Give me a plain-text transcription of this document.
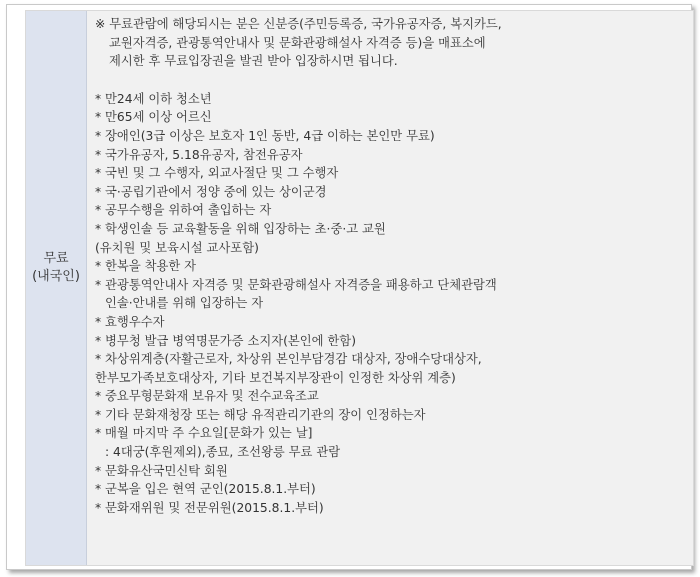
무료
(내국인)

※ 무료관람에 해당되시는 분은 신분증(주민등록증, 국가유공자증, 복지카드,

교원자격증, 관광통역안내사 및 문화관광해설사 자격증 등)을 매표소에

제시한 후 무료입장권을 발권 받아 입장하시면 됩니다.

* 만24세 이하 청소년

* 만65세 이상 어르신

* 장애인(3급 이상은 보호자 1인 동반, 4급 이하는 본인만 무료)

* 국가유공자, 5.18유공자, 참전유공자

* 국빈 및 그 수행자, 외교사절단 및 그 수행자

* 국·공립기관에서 정양 중에 있는 상이군경

* 공무수행을 위하여 출입하는 자

* 학생인솔 등 교육활동을 위해 입장하는 초·중·고 교원

(유치원 및 보육시설 교사포함)

* 한복을 착용한 자

* 관광통역안내사 자격증 및 문화관광해설사 자격증을 패용하고 단체관람객

인솔·안내를 위해 입장하는 자

* 효행우수자

* 병무청 발급 병역명문가증 소지자(본인에 한함)

* 차상위계층(자활근로자, 차상위 본인부담경감 대상자, 장애수당대상자,

한부모가족보호대상자, 기타 보건복지부장관이 인정한 차상위 계층)

* 중요무형문화재 보유자 및 전수교육조교

* 기타 문화재청장 또는 해당 유적관리기관의 장이 인정하는자

* 매월 마지막 주 수요일[문화가 있는 날]

: 4대궁(후원제외),종묘, 조선왕릉 무료 관람

* 문화유산국민신탁 회원

* 군복을 입은 현역 군인(2015.8.1.부터)

* 문화재위원 및 전문위원(2015.8.1.부터)
